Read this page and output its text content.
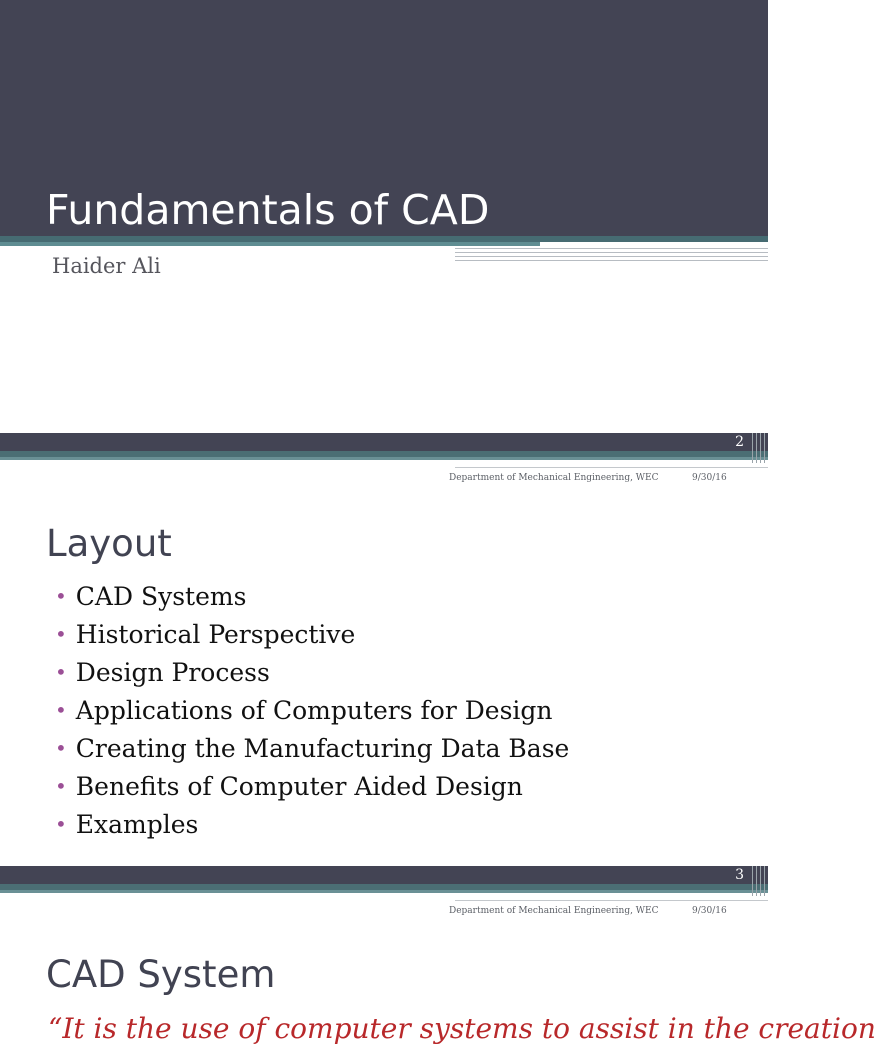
Fundamentals of CAD
Haider Ali
2
Department of Mechanical Engineering, WEC	9/30/16
Layout
• CAD Systems
• Historical Perspective
• Design Process
• Applications of Computers for Design
• Creating the Manufacturing Data Base
• Benefits of Computer Aided Design
• Examples
3
Department of Mechanical Engineering, WEC	9/30/16
CAD System
“It is the use of computer systems to assist in the creation
